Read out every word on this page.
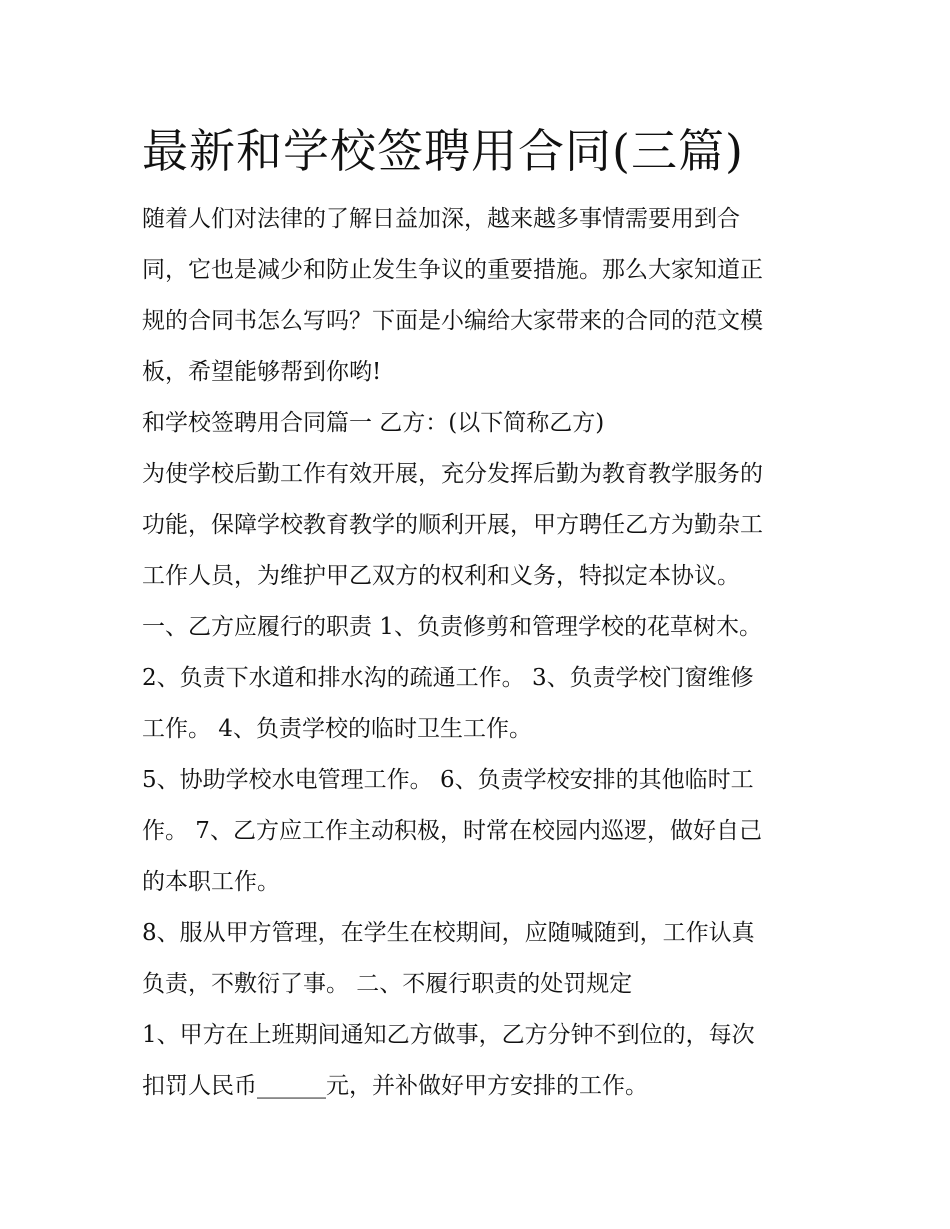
最新和学校签聘用合同(三篇)

随着人们对法律的了解日益加深，越来越多事情需要用到合

同，它也是减少和防止发生争议的重要措施。那么大家知道正

规的合同书怎么写吗？下面是小编给大家带来的合同的范文模

板，希望能够帮到你哟!

和学校签聘用合同篇一 乙方：(以下简称乙方)

为使学校后勤工作有效开展，充分发挥后勤为教育教学服务的

功能，保障学校教育教学的顺利开展，甲方聘任乙方为勤杂工

工作人员，为维护甲乙双方的权利和义务，特拟定本协议。

一、乙方应履行的职责 1、负责修剪和管理学校的花草树木。

2、负责下水道和排水沟的疏通工作。 3、负责学校门窗维修

工作。 4、负责学校的临时卫生工作。

5、协助学校水电管理工作。 6、负责学校安排的其他临时工

作。 7、乙方应工作主动积极，时常在校园内巡逻，做好自己

的本职工作。

8、服从甲方管理，在学生在校期间，应随喊随到，工作认真

负责，不敷衍了事。 二、不履行职责的处罚规定

1、甲方在上班期间通知乙方做事，乙方分钟不到位的，每次

扣罚人民币______元，并补做好甲方安排的工作。
